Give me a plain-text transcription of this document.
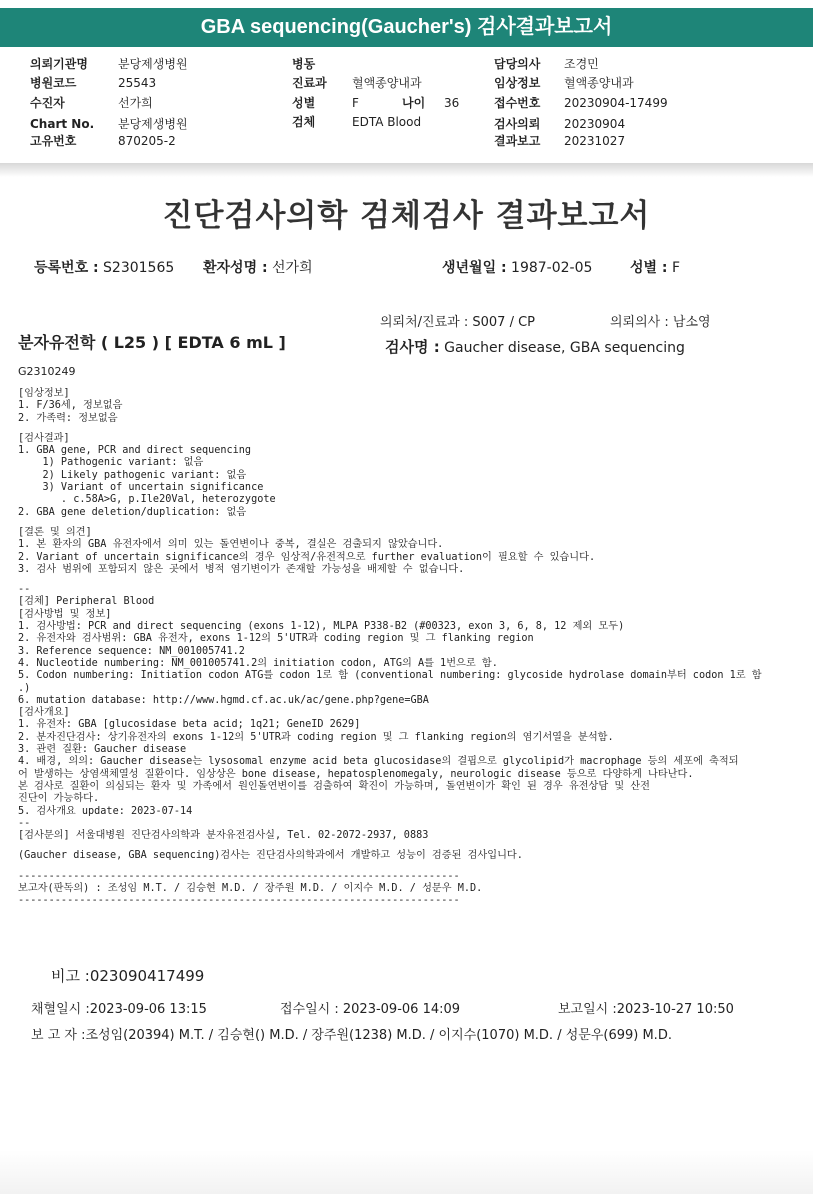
GBA sequencing(Gaucher's) 검사결과보고서
의뢰기관명	분당제생병원
병원코드	25543
수진자	선가희
Chart No. 분당제생병원
고유번호	870205-2
병동
진료과 혈액종양내과
성별	F	나이 36
검체	EDTA Blood
담당의사 조경민
임상정보 혈액종양내과
접수번호 20230904-17499
검사의뢰 20230904
결과보고 20231027
진단검사의학 검체검사 결과보고서
등록번호 : S2301565 환자성명 : 선가희	생년월일 : 1987-02-05	성별 : F
의뢰처/진료과 : S007 / CP	의뢰의사 : 남소영
분자유전학 ( L25 ) [ EDTA 6 mL ]	검사명 : Gaucher disease, GBA sequencing
G2310249
[임상정보]
1. F/36세, 정보없음
2. 가족력: 정보없음
[검사결과]
1. GBA gene, PCR and direct sequencing
1) Pathogenic variant: 없음
2) Likely pathogenic variant: 없음
3) Variant of uncertain significance
. c.58A>G, p.Ile20Val, heterozygote
2. GBA gene deletion/duplication: 없음
[결론 및 의견]
1. 본 환자의 GBA 유전자에서 의미 있는 돌연변이나 중복, 결실은 검출되지 않았습니다.
2. Variant of uncertain significance의 경우 임상적/유전적으로 further evaluation이 필요할 수 있습니다.
3. 검사 범위에 포함되지 않은 곳에서 병적 염기변이가 존재할 가능성을 배제할 수 없습니다.
--
[검체] Peripheral Blood
[검사방법 및 정보]
1. 검사방법: PCR and direct sequencing (exons 1-12), MLPA P338-B2 (#00323, exon 3, 6, 8, 12 제외 모두)
2. 유전자와 검사범위: GBA 유전자, exons 1-12의 5'UTR과 coding region 및 그 flanking region
3. Reference sequence: NM_001005741.2
4. Nucleotide numbering: NM_001005741.2의 initiation codon, ATG의 A를 1번으로 함.
5. Codon numbering: Initiation codon ATG를 codon 1로 함 (conventional numbering: glycoside hydrolase domain부터 codon 1로 함
.)
6. mutation database: http://www.hgmd.cf.ac.uk/ac/gene.php?gene=GBA
[검사개요]
1. 유전자: GBA [glucosidase beta acid; 1q21; GeneID 2629]
2. 분자진단검사: 상기유전자의 exons 1-12의 5'UTR과 coding region 및 그 flanking region의 염기서열을 분석함.
3. 관련 질환: Gaucher disease
4. 배경, 의의: Gaucher disease는 lysosomal enzyme acid beta glucosidase의 결핍으로 glycolipid가 macrophage 등의 세포에 축적되
어 발생하는 상염색체열성 질환이다. 임상상은 bone disease, hepatosplenomegaly, neurologic disease 등으로 다양하게 나타난다.
본 검사로 질환이 의심되는 환자 및 가족에서 원인돌연변이를 검출하여 확진이 가능하며, 돌연변이가 확인 된 경우 유전상담 및 산전
진단이 가능하다.
5. 검사개요 update: 2023-07-14
--
[검사문의] 서울대병원 진단검사의학과 분자유전검사실, Tel. 02-2072-2937, 0883
(Gaucher disease, GBA sequencing)검사는 진단검사의학과에서 개발하고 성능이 검증된 검사입니다.
------------------------------------------------------------------------
보고자(판독의) : 조성임 M.T. / 김승현 M.D. / 장주원 M.D. / 이지수 M.D. / 성문우 M.D.
------------------------------------------------------------------------
비고 :023090417499
채혈일시 :2023-09-06 13:15	접수일시 : 2023-09-06 14:09	보고일시 :2023-10-27 10:50
보 고 자 :조성임(20394) M.T. / 김승현() M.D. / 장주원(1238) M.D. / 이지수(1070) M.D. / 성문우(699) M.D.
